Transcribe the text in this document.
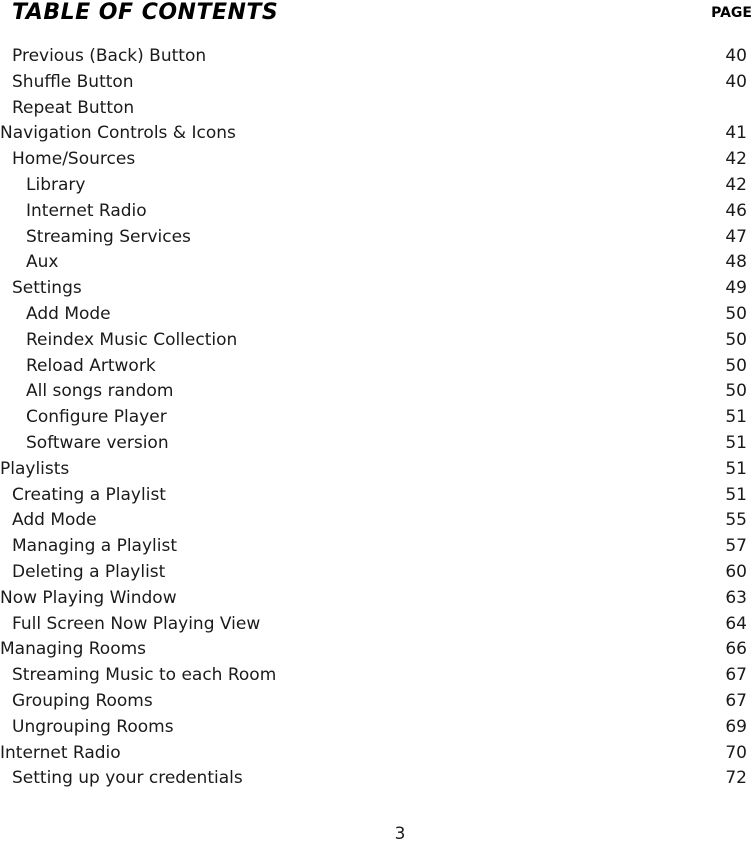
TABLE OF CONTENTS	PAGE
Previous (Back) Button	40
Shuffle Button	40
Repeat Button
Navigation Controls & Icons	41
Home/Sources	42
Library	42
Internet Radio	46
Streaming Services	47
Aux	48
Settings	49
Add Mode	50
Reindex Music Collection	50
Reload Artwork	50
All songs random	50
Configure Player	51
Software version	51
Playlists	51
Creating a Playlist	51
Add Mode	55
Managing a Playlist	57
Deleting a Playlist	60
Now Playing Window	63
Full Screen Now Playing View	64
Managing Rooms	66
Streaming Music to each Room	67
Grouping Rooms	67
Ungrouping Rooms	69
Internet Radio	70
Setting up your credentials	72
3
